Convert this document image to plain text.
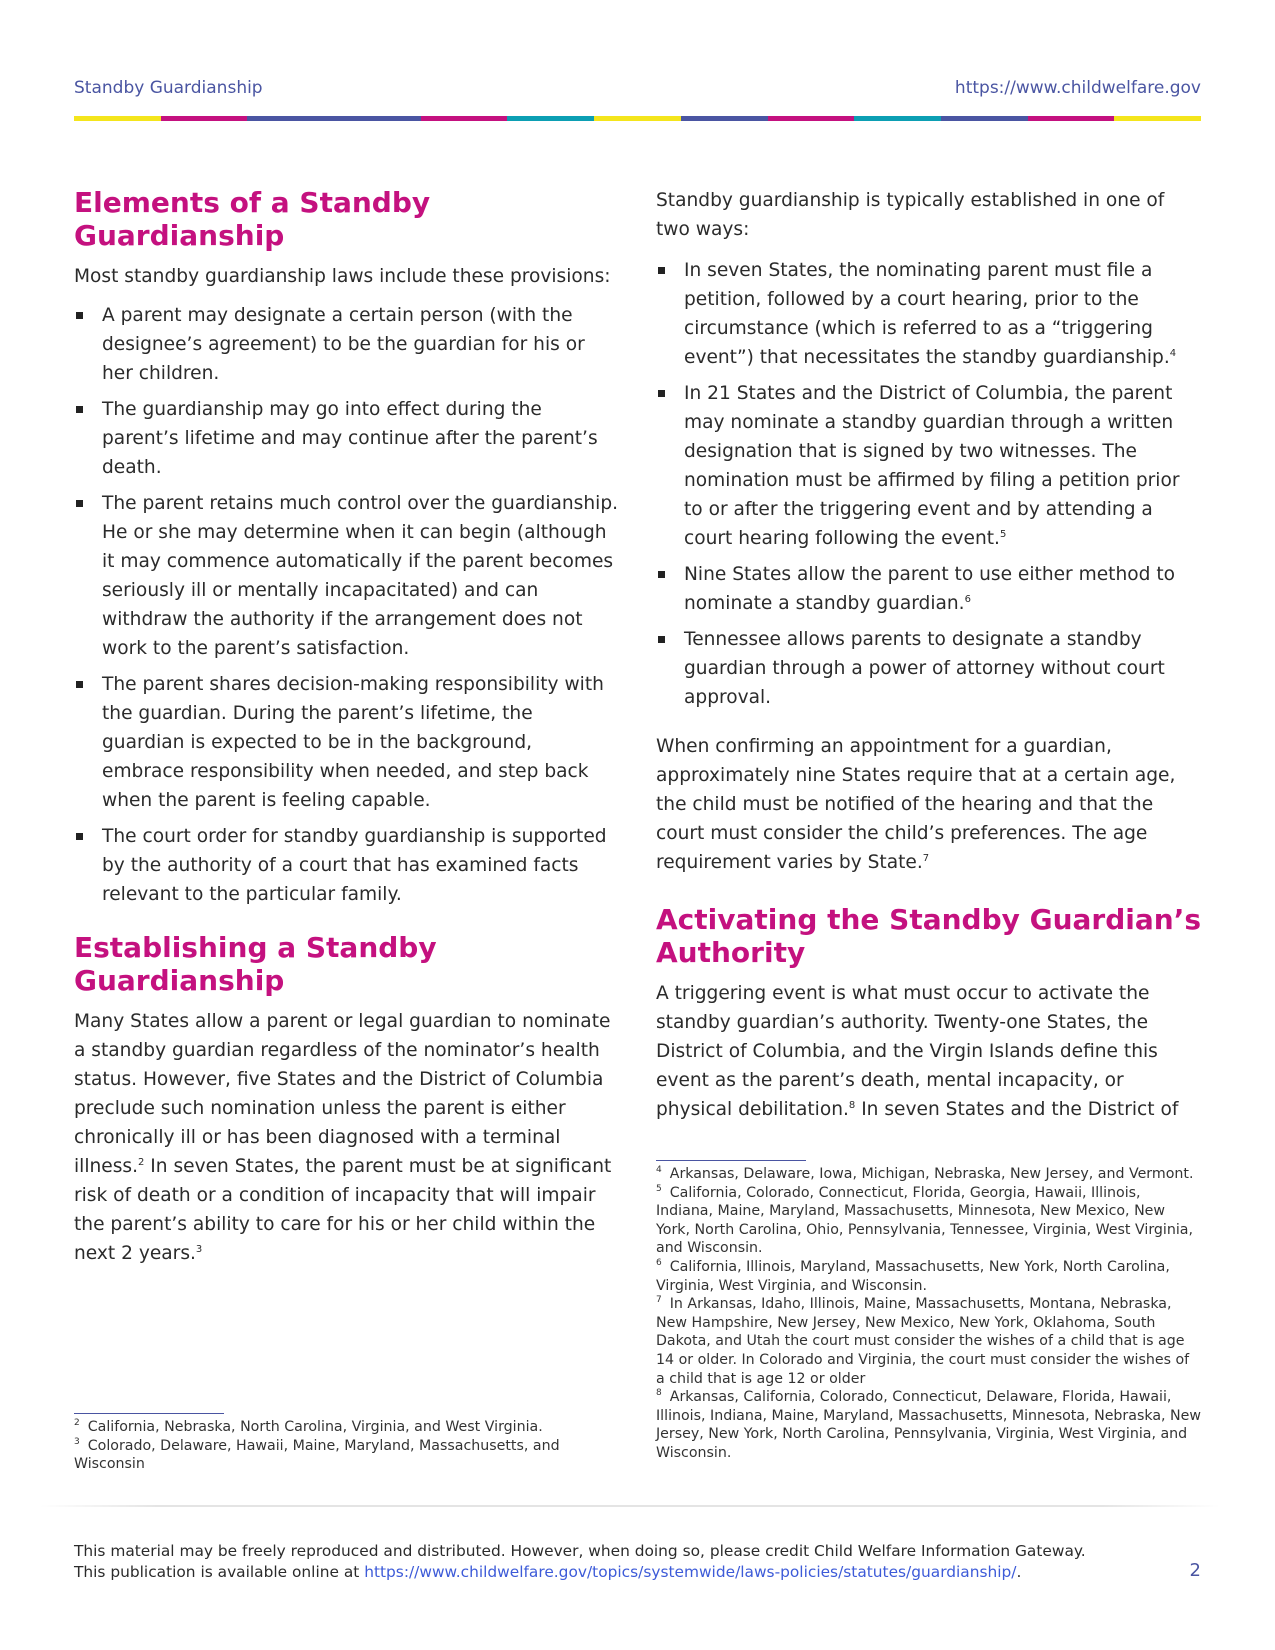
Standby Guardianship	https://www.childwelfare.gov
Elements of a Standby Guardianship

Most standby guardianship laws include these provisions:

A parent may designate a certain person (with the designee’s agreement) to be the guardian for his or her children.
The guardianship may go into effect during the parent’s lifetime and may continue after the parent’s death.
The parent retains much control over the guardianship. He or she may determine when it can begin (although it may commence automatically if the parent becomes seriously ill or mentally incapacitated) and can withdraw the authority if the arrangement does not work to the parent’s satisfaction.
The parent shares decision-making responsibility with the guardian. During the parent’s lifetime, the guardian is expected to be in the background, embrace responsibility when needed, and step back when the parent is feeling capable.
The court order for standby guardianship is supported by the authority of a court that has examined facts relevant to the particular family.
Establishing a Standby Guardianship

Many States allow a parent or legal guardian to nominate a standby guardian regardless of the nominator’s health status. However, five States and the District of Columbia preclude such nomination unless the parent is either chronically ill or has been diagnosed with a terminal illness.$^2$ In seven States, the parent must be at significant risk of death or a condition of incapacity that will impair the parent’s ability to care for his or her child within the next 2 years.$^3$

$^2$ California, Nebraska, North Carolina, Virginia, and West Virginia.
$^3$ Colorado, Delaware, Hawaii, Maine, Maryland, Massachusetts, and Wisconsin

Standby guardianship is typically established in one of two ways:

In seven States, the nominating parent must file a petition, followed by a court hearing, prior to the circumstance (which is referred to as a “triggering event”) that necessitates the standby guardianship.$^4$
In 21 States and the District of Columbia, the parent may nominate a standby guardian through a written designation that is signed by two witnesses. The nomination must be affirmed by filing a petition prior to or after the triggering event and by attending a court hearing following the event.$^5$
Nine States allow the parent to use either method to nominate a standby guardian.$^6$
Tennessee allows parents to designate a standby guardian through a power of attorney without court approval.

When confirming an appointment for a guardian, approximately nine States require that at a certain age, the child must be notified of the hearing and that the court must consider the child’s preferences. The age requirement varies by State.$^7$

Activating the Standby Guardian’s Authority

A triggering event is what must occur to activate the standby guardian’s authority. Twenty-one States, the District of Columbia, and the Virgin Islands define this event as the parent’s death, mental incapacity, or physical debilitation.$^8$ In seven States and the District of

$^4$ Arkansas, Delaware, Iowa, Michigan, Nebraska, New Jersey, and Vermont.
$^5$ California, Colorado, Connecticut, Florida, Georgia, Hawaii, Illinois, Indiana, Maine, Maryland, Massachusetts, Minnesota, New Mexico, New York, North Carolina, Ohio, Pennsylvania, Tennessee, Virginia, West Virginia, and Wisconsin.
$^6$ California, Illinois, Maryland, Massachusetts, New York, North Carolina, Virginia, West Virginia, and Wisconsin.
$^7$ In Arkansas, Idaho, Illinois, Maine, Massachusetts, Montana, Nebraska, New Hampshire, New Jersey, New Mexico, New York, Oklahoma, South Dakota, and Utah the court must consider the wishes of a child that is age 14 or older. In Colorado and Virginia, the court must consider the wishes of a child that is age 12 or older
$^8$ Arkansas, California, Colorado, Connecticut, Delaware, Florida, Hawaii, Illinois, Indiana, Maine, Maryland, Massachusetts, Minnesota, Nebraska, New Jersey, New York, North Carolina, Pennsylvania, Virginia, West Virginia, and Wisconsin.
This material may be freely reproduced and distributed. However, when doing so, please credit Child Welfare Information Gateway.
This publication is available online at https://www.childwelfare.gov/topics/systemwide/laws-policies/statutes/guardianship/.	2
